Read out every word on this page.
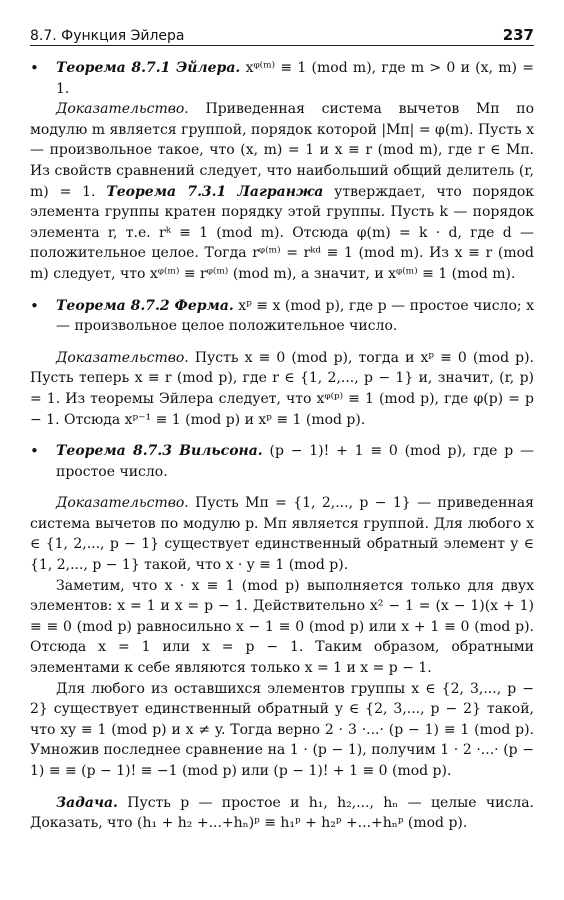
8.7. Функция Эйлера	237
•	Теорема 8.7.1 Эйлера. xᵠ⁽ᵐ⁾ ≡ 1 (mod m), где m > 0 и (x, m) = 1.

Доказательство. Приведенная система вычетов Mπ по модулю m является группой, порядок которой |Mπ| = φ(m). Пусть x — произвольное такое, что (x, m) = 1 и x ≡ r (mod m), где r ∈ Mπ. Из свойств сравнений следует, что наибольший общий делитель (r, m) = 1. Теорема 7.3.1 Лагранжа утверждает, что порядок элемента группы кратен порядку этой группы. Пусть k — порядок элемента r, т.е. rᵏ ≡ 1 (mod m). Отсюда φ(m) = k · d, где d — положительное целое. Тогда rᵠ⁽ᵐ⁾ = rᵏᵈ ≡ 1 (mod m). Из x ≡ r (mod m) следует, что xᵠ⁽ᵐ⁾ ≡ rᵠ⁽ᵐ⁾ (mod m), а значит, и xᵠ⁽ᵐ⁾ ≡ 1 (mod m).

•	Теорема 8.7.2 Ферма. xᵖ ≡ x (mod p), где p — простое число; x — произвольное целое положительное число.

Доказательство. Пусть x ≡ 0 (mod p), тогда и xᵖ ≡ 0 (mod p). Пусть теперь x ≡ r (mod p), где r ∈ {1, 2,..., p − 1} и, значит, (r, p) = 1. Из теоремы Эйлера следует, что xᵠ⁽ᵖ⁾ ≡ 1 (mod p), где φ(p) = p − 1. Отсюда xᵖ⁻¹ ≡ 1 (mod p) и xᵖ ≡ 1 (mod p).

•	Теорема 8.7.3 Вильсона. (p − 1)! + 1 ≡ 0 (mod p), где p — простое число.

Доказательство. Пусть Mπ = {1, 2,..., p − 1} — приведенная система вычетов по модулю p. Mπ является группой. Для любого x ∈ {1, 2,..., p − 1} существует единственный обратный элемент y ∈ {1, 2,..., p − 1} такой, что x · y ≡ 1 (mod p).

Заметим, что x · x ≡ 1 (mod p) выполняется только для двух элементов: x = 1 и x = p − 1. Действительно x² − 1 = (x − 1)(x + 1) ≡ ≡ 0 (mod p) равносильно x − 1 ≡ 0 (mod p) или x + 1 ≡ 0 (mod p). Отсюда x = 1 или x = p − 1. Таким образом, обратными элементами к себе являются только x = 1 и x = p − 1.

Для любого из оставшихся элементов группы x ∈ {2, 3,..., p − 2} существует единственный обратный y ∈ {2, 3,..., p − 2} такой, что xy ≡ 1 (mod p) и x ≠ y. Тогда верно 2 · 3 ·...· (p − 1) ≡ 1 (mod p). Умножив последнее сравнение на 1 · (p − 1), получим 1 · 2 ·...· (p − 1) ≡ ≡ (p − 1)! ≡ −1 (mod p) или (p − 1)! + 1 ≡ 0 (mod p).

Задача. Пусть p — простое и h₁, h₂,..., hₙ — целые числа. Доказать, что (h₁ + h₂ +...+hₙ)ᵖ ≡ h₁ᵖ + h₂ᵖ +...+hₙᵖ (mod p).
